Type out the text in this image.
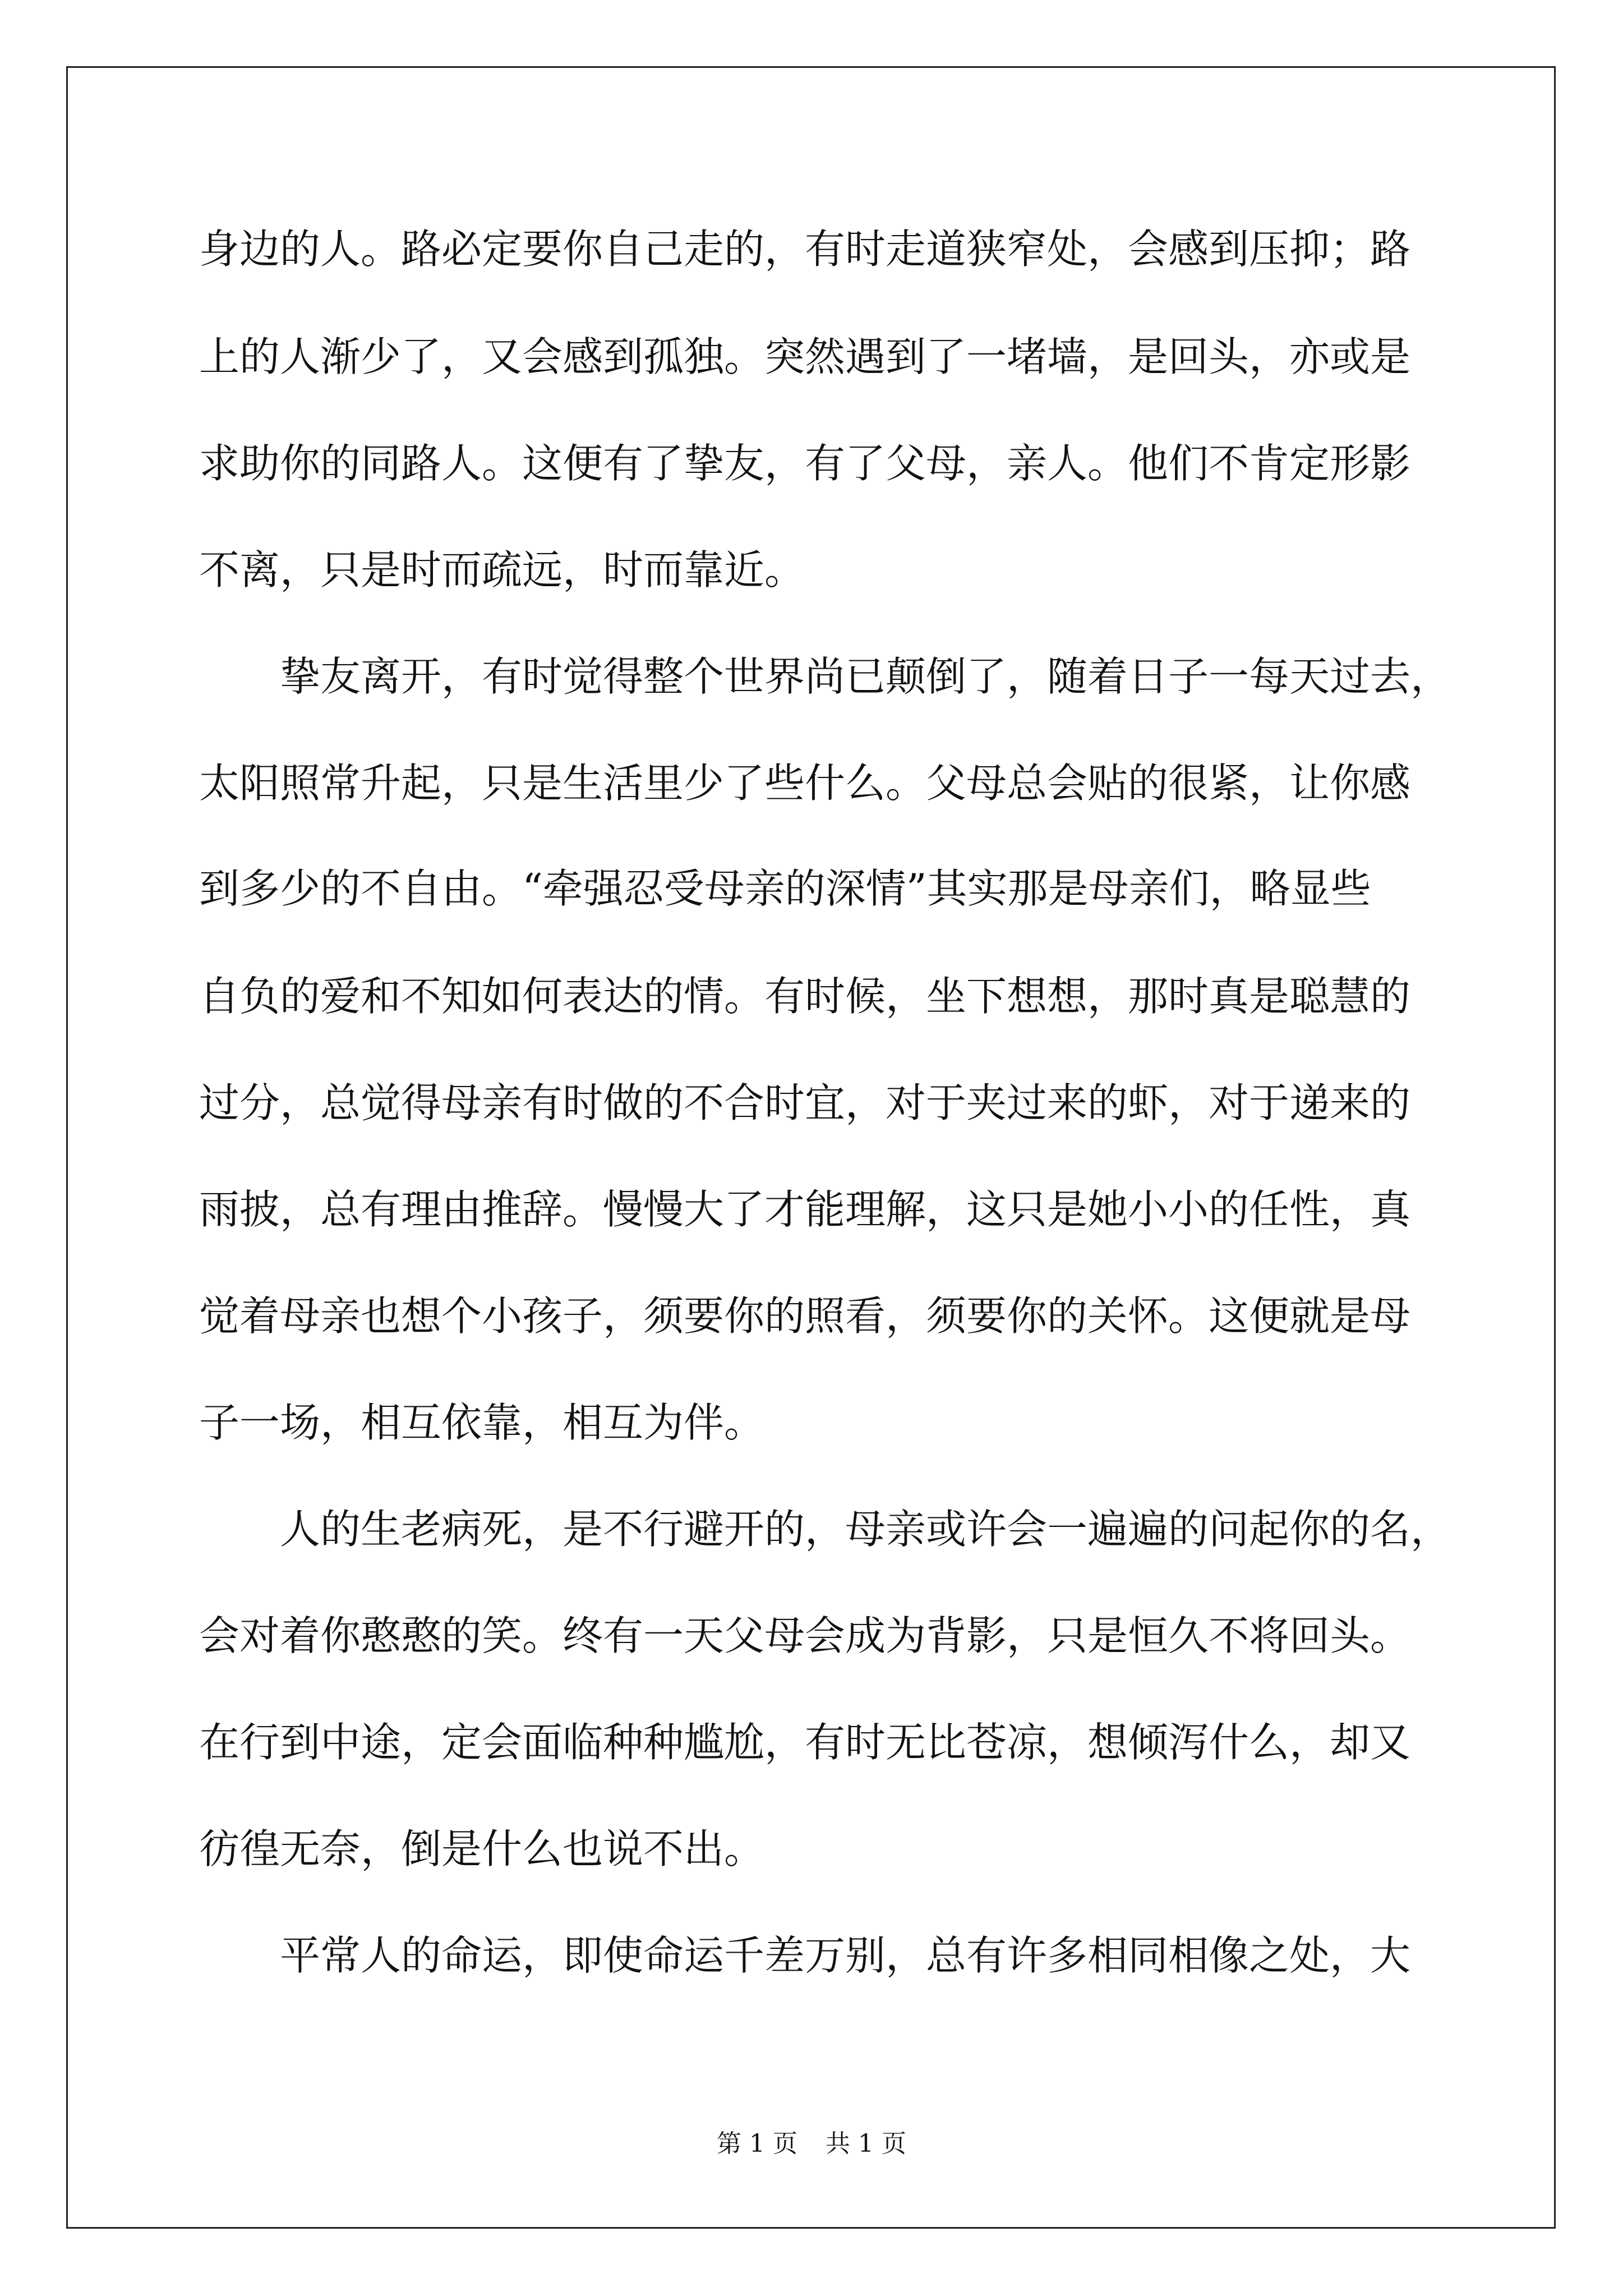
身边的人。路必定要你自己走的，有时走道狭窄处，会感到压抑；路
上的人渐少了，又会感到孤独。突然遇到了一堵墙，是回头，亦或是
求助你的同路人。这便有了挚友，有了父母，亲人。他们不肯定形影
不离，只是时而疏远，时而靠近。
　　挚友离开，有时觉得整个世界尚已颠倒了，随着日子一每天过去，
太阳照常升起，只是生活里少了些什么。父母总会贴的很紧，让你感
到多少的不自由。“牵强忍受母亲的深情”其实那是母亲们，略显些
自负的爱和不知如何表达的情。有时候，坐下想想，那时真是聪慧的
过分，总觉得母亲有时做的不合时宜，对于夹过来的虾，对于递来的
雨披，总有理由推辞。慢慢大了才能理解，这只是她小小的任性，真
觉着母亲也想个小孩子，须要你的照看，须要你的关怀。这便就是母
子一场，相互依靠，相互为伴。
　　人的生老病死，是不行避开的，母亲或许会一遍遍的问起你的名，
会对着你憨憨的笑。终有一天父母会成为背影，只是恒久不将回头。
在行到中途，定会面临种种尴尬，有时无比苍凉，想倾泻什么，却又
彷徨无奈，倒是什么也说不出。
　　平常人的命运，即使命运千差万别，总有许多相同相像之处，大
第 1 页 共 1 页
